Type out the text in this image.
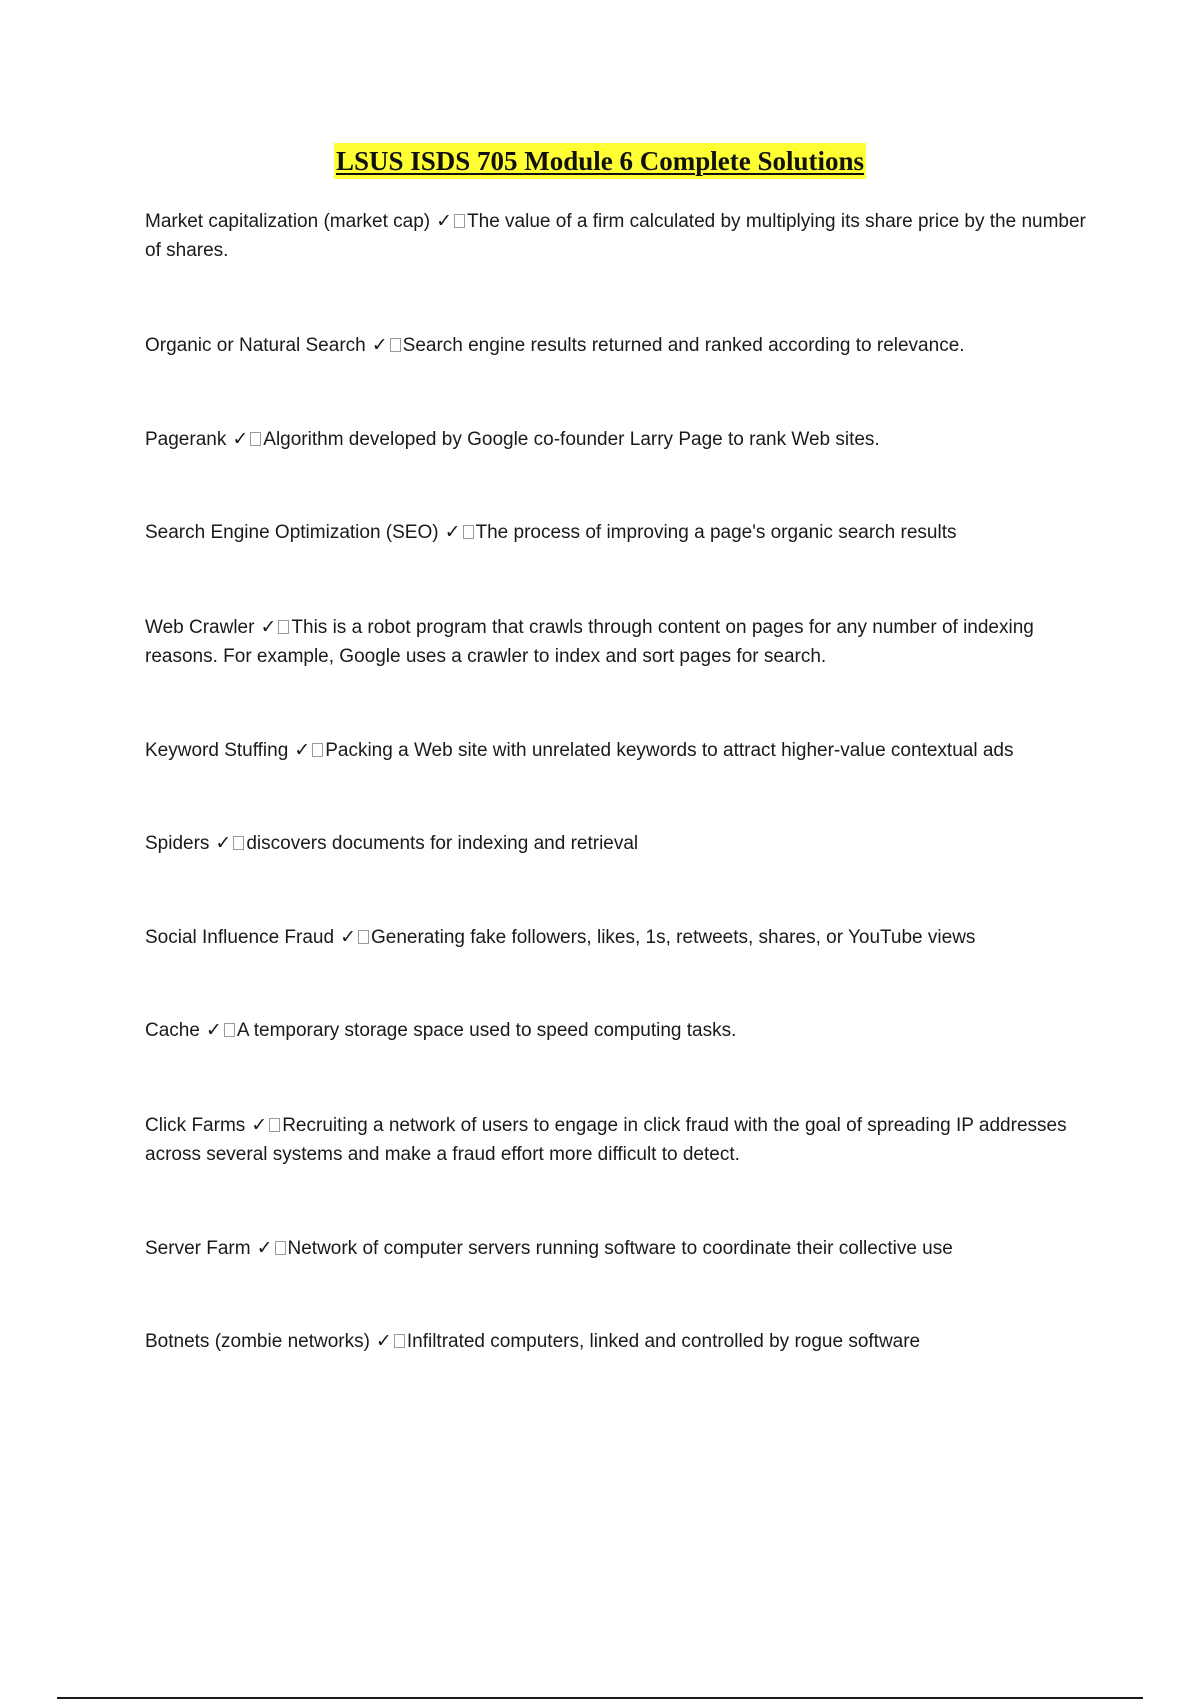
LSUS ISDS 705 Module 6 Complete Solutions
Market capitalization (market cap) ✓ The value of a firm calculated by multiplying its share price by the number of shares.
Organic or Natural Search ✓ Search engine results returned and ranked according to relevance.
Pagerank ✓ Algorithm developed by Google co-founder Larry Page to rank Web sites.
Search Engine Optimization (SEO) ✓ The process of improving a page's organic search results
Web Crawler ✓ This is a robot program that crawls through content on pages for any number of indexing reasons. For example, Google uses a crawler to index and sort pages for search.
Keyword Stuffing ✓ Packing a Web site with unrelated keywords to attract higher-value contextual ads
Spiders ✓ discovers documents for indexing and retrieval
Social Influence Fraud ✓ Generating fake followers, likes, 1s, retweets, shares, or YouTube views
Cache ✓ A temporary storage space used to speed computing tasks.
Click Farms ✓ Recruiting a network of users to engage in click fraud with the goal of spreading IP addresses across several systems and make a fraud effort more difficult to detect.
Server Farm ✓ Network of computer servers running software to coordinate their collective use
Botnets (zombie networks) ✓ Infiltrated computers, linked and controlled by rogue software
